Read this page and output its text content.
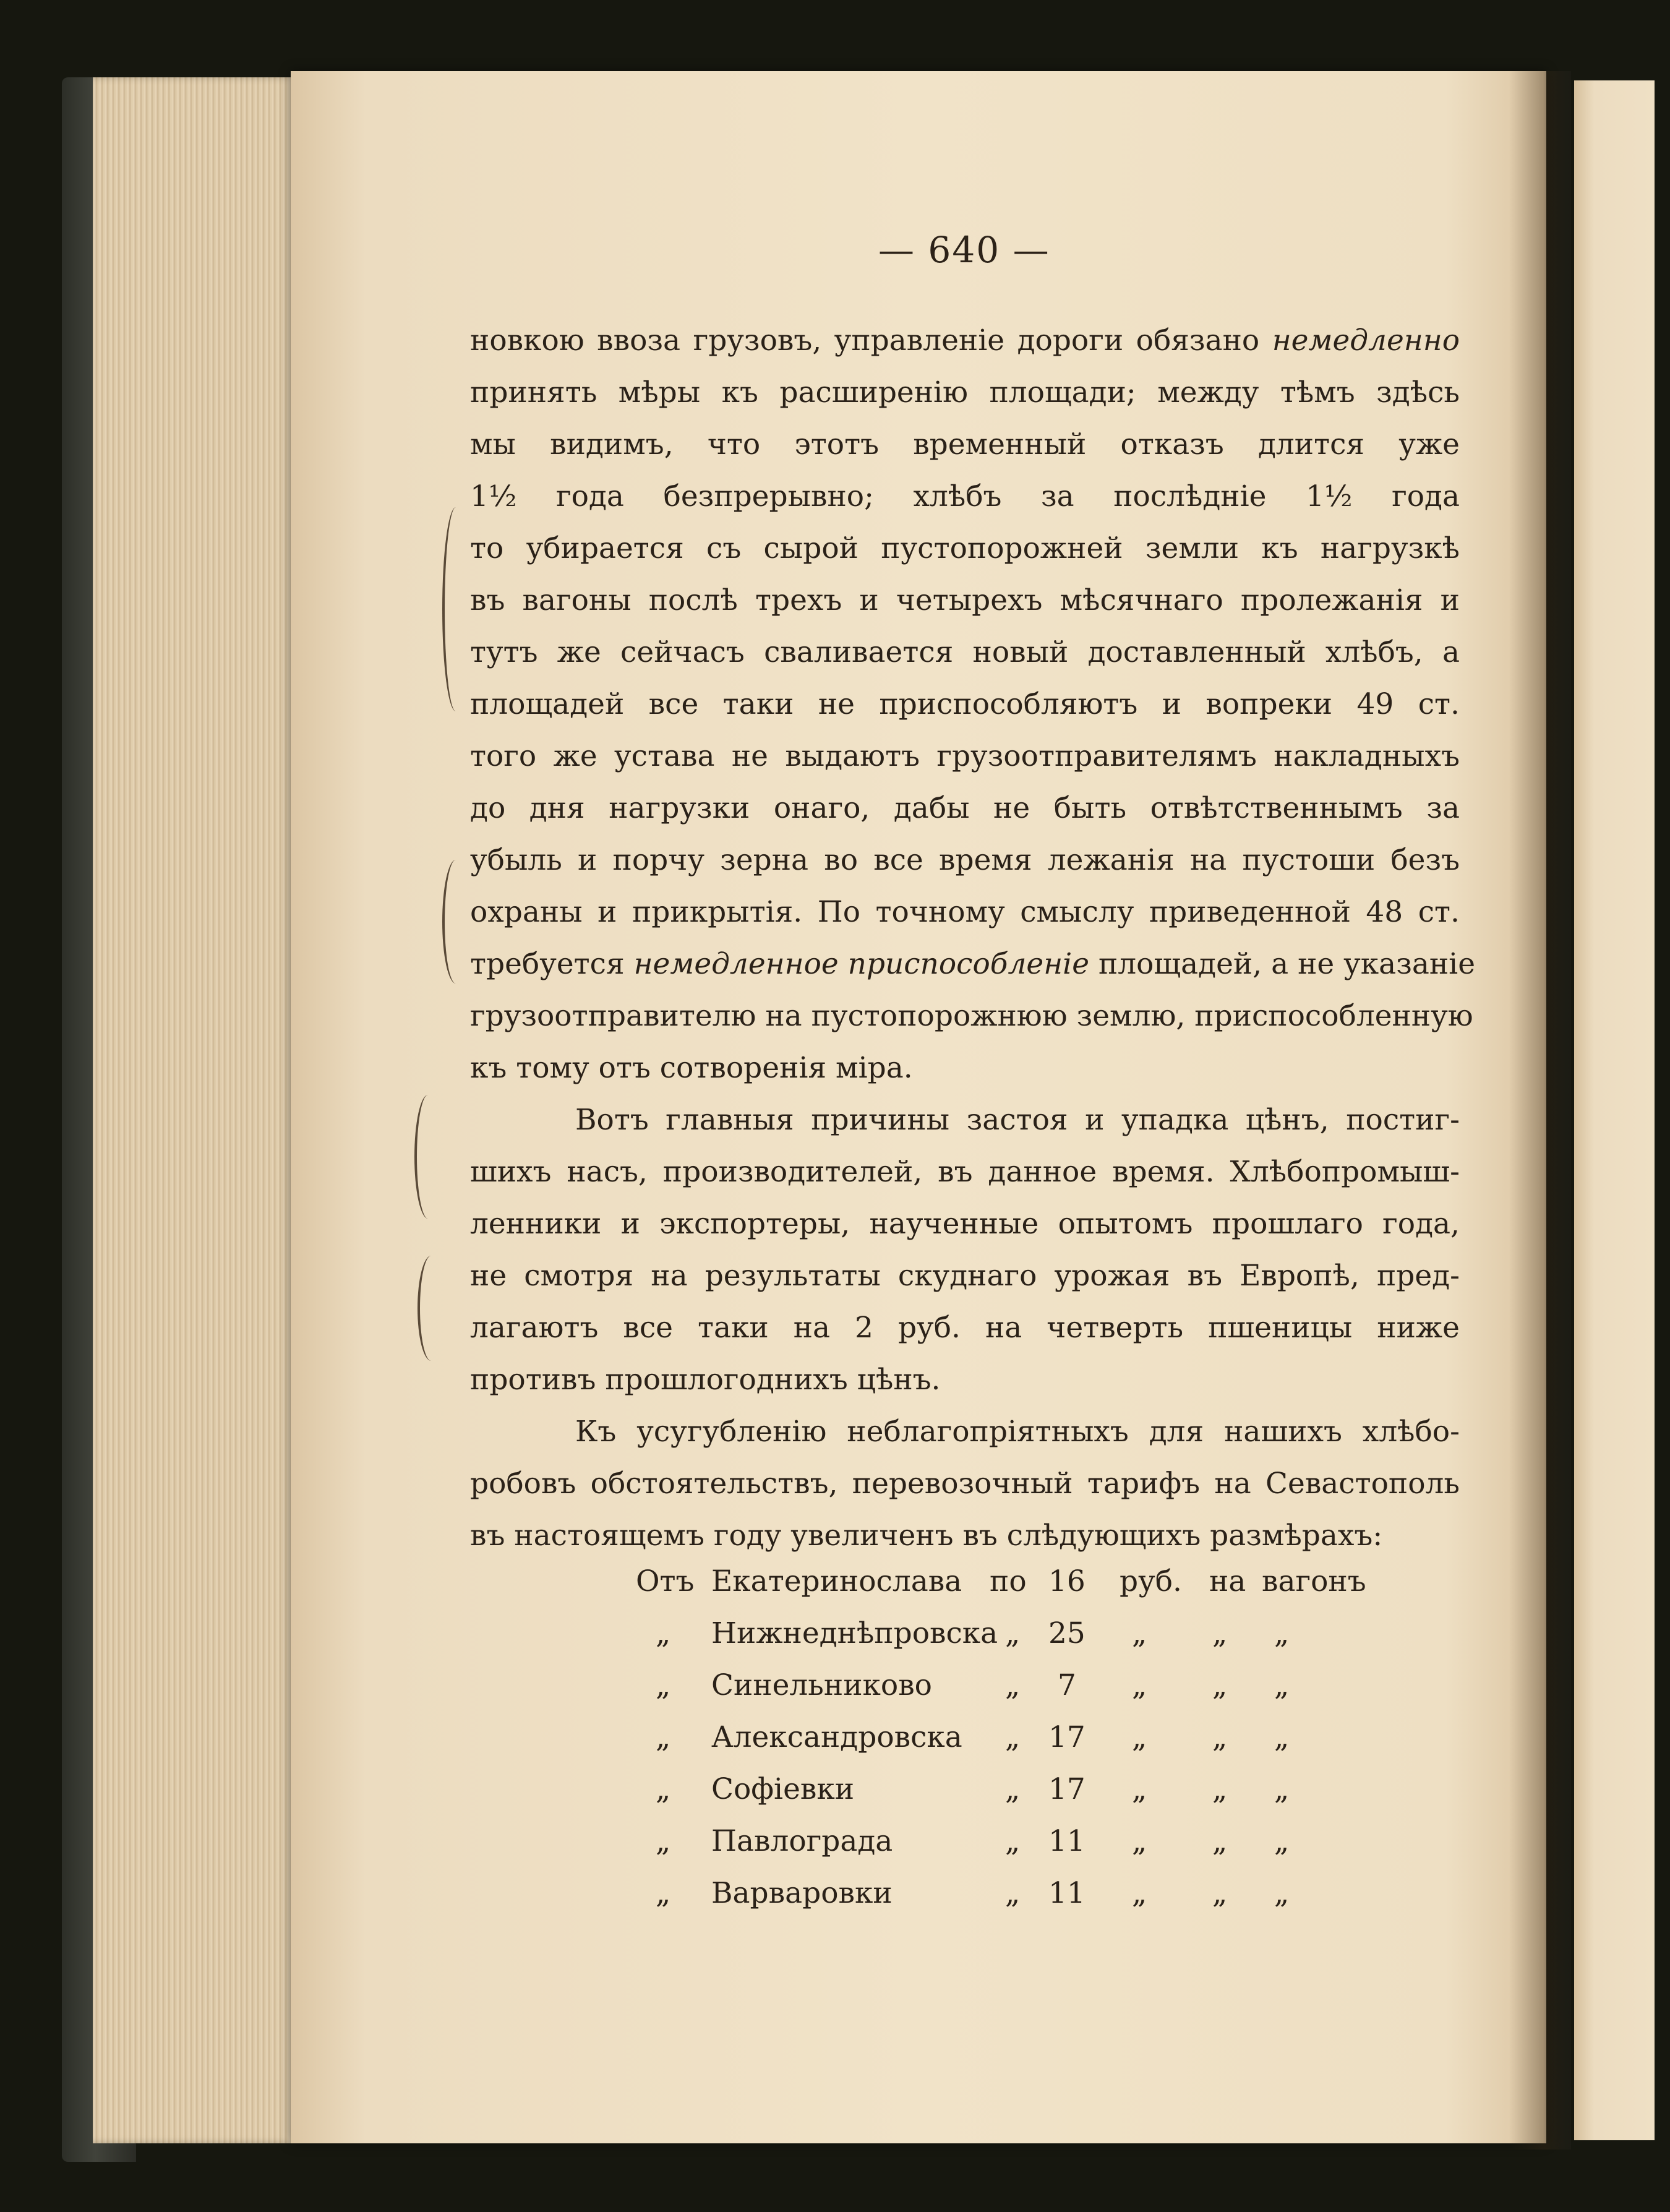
— 640 —
новкою ввоза грузовъ, управленіе дороги обязано немедленно
принять мѣры къ расширенію площади; между тѣмъ здѣсь
мы видимъ, что этотъ временный отказъ длится уже
1½ года безпрерывно; хлѣбъ за послѣдніе 1½ года
то убирается съ сырой пустопорожней земли къ нагрузкѣ
въ вагоны послѣ трехъ и четырехъ мѣсячнаго пролежанія и
тутъ же сейчасъ сваливается новый доставленный хлѣбъ, а
площадей все таки не приспособляютъ и вопреки 49 ст.
того же устава не выдаютъ грузоотправителямъ накладныхъ
до дня нагрузки онаго, дабы не быть отвѣтственнымъ за
убыль и порчу зерна во все время лежанія на пустоши безъ
охраны и прикрытія. По точному смыслу приведенной 48 ст.
требуется немедленное приспособленіе площадей, а не указаніе
грузоотправителю на пустопорожнюю землю, приспособленную
къ тому отъ сотворенія міра.
Вотъ главныя причины застоя и упадка цѣнъ, постиг-
шихъ насъ, производителей, въ данное время. Хлѣбопромыш-
ленники и экспортеры, наученные опытомъ прошлаго года,
не смотря на результаты скуднаго урожая въ Европѣ, пред-
лагаютъ все таки на 2 руб. на четверть пшеницы ниже
противъ прошлогоднихъ цѣнъ.
Къ усугубленію неблагопріятныхъ для нашихъ хлѣбо-
робовъ обстоятельствъ, перевозочный тарифъ на Севастополь
въ настоящемъ году увеличенъ въ слѣдующихъ размѣрахъ:
Отъ Екатеринослава по 16 руб. на вагонъ
„ Нижнеднѣпровска „ 25 „ „ „
„ Синельниково	„ 7 „ „ „
„ Александровска „ 17 „ „ „
„ Софіевки	„ 17 „ „ „
„ Павлограда	„ 11 „ „ „
„ Варваровки	„ 11 „ „ „
